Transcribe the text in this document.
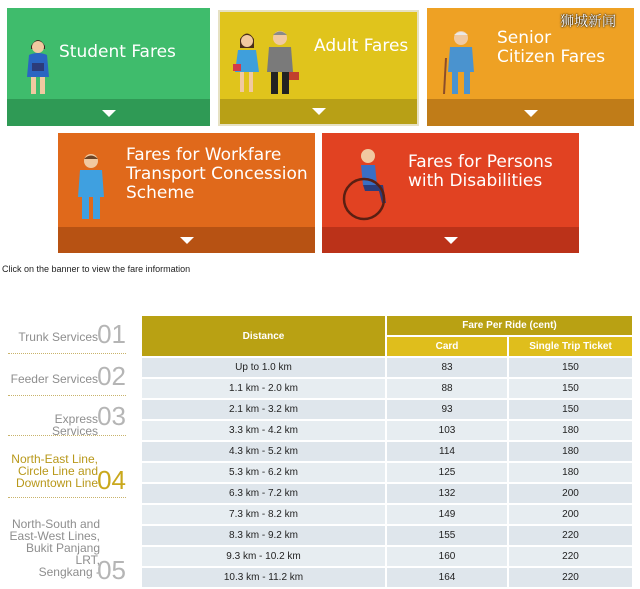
Student Fares	Adult Fares	Senior
Citizen Fares
Fares for Workfare
Transport Concession
Scheme
Fares for Persons
with Disabilities
狮城新闻
Click on the banner to view the fare information
Trunk Services 01
Feeder Services 02
Express Services 03
North-East Line,
Circle Line and
Downtown Line 04
North-South and
East-West Lines,
Bukit Panjang LRT,
Sengkang -
05
Distance	Fare Per Ride (cent)	
	Card	Single Trip Ticket
Up to 1.0 km	83	150
1.1 km - 2.0 km	88	150
2.1 km - 3.2 km	93	150
3.3 km - 4.2 km	103	180
4.3 km - 5.2 km	114	180
5.3 km - 6.2 km	125	180
6.3 km - 7.2 km	132	200
7.3 km - 8.2 km	149	200
8.3 km - 9.2 km	155	220
9.3 km - 10.2 km	160	220
10.3 km - 11.2 km	164	220
